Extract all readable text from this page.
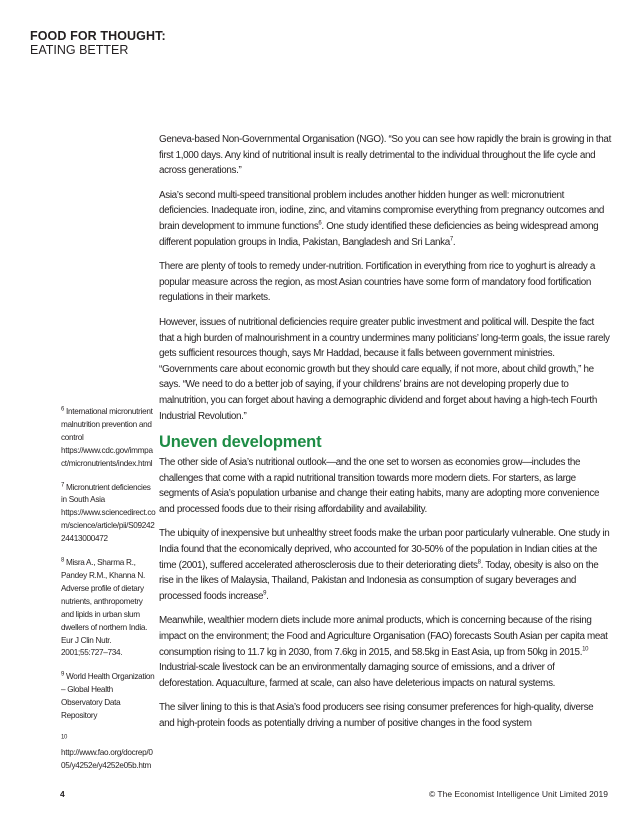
FOOD FOR THOUGHT:
EATING BETTER

Geneva-based Non-Governmental Organisation (NGO). “So you can see how rapidly the brain is growing in that first 1,000 days. Any kind of nutritional insult is really detrimental to the individual throughout the life cycle and across generations.”

Asia’s second multi-speed transitional problem includes another hidden hunger as well: micronutrient deficiencies. Inadequate iron, iodine, zinc, and vitamins compromise everything from pregnancy outcomes and brain development to immune functions$^6$. One study identified these deficiencies as being widespread among different population groups in India, Pakistan, Bangladesh and Sri Lanka$^7$.

There are plenty of tools to remedy under-nutrition. Fortification in everything from rice to yoghurt is already a popular measure across the region, as most Asian countries have some form of mandatory food fortification regulations in their markets.

However, issues of nutritional deficiencies require greater public investment and political will. Despite the fact that a high burden of malnourishment in a country undermines many politicians’ long-term goals, the issue rarely gets sufficient resources though, says Mr Haddad, because it falls between government ministries. “Governments care about economic growth but they should care equally, if not more, about child growth,” he says. “We need to do a better job of saying, if your childrens’ brains are not developing properly due to malnutrition, you can forget about having a demographic dividend and forget about having a high-tech Fourth Industrial Revolution.”

Uneven development

The other side of Asia’s nutritional outlook—and the one set to worsen as economies grow—includes the challenges that come with a rapid nutritional transition towards more modern diets. For starters, as large segments of Asia’s population urbanise and change their eating habits, many are adopting more convenience and processed foods due to their rising affordability and availability.

The ubiquity of inexpensive but unhealthy street foods make the urban poor particularly vulnerable. One study in India found that the economically deprived, who accounted for 30-50% of the population in Indian cities at the time (2001), suffered accelerated atherosclerosis due to their deteriorating diets$^8$. Today, obesity is also on the rise in the likes of Malaysia, Thailand, Pakistan and Indonesia as consumption of sugary beverages and processed foods increase$^9$.

Meanwhile, wealthier modern diets include more animal products, which is concerning because of the rising impact on the environment; the Food and Agriculture Organisation (FAO) forecasts South Asian per capita meat consumption rising to 11.7 kg in 2030, from 7.6kg in 2015, and 58.5kg in East Asia, up from 50kg in 2015.10 Industrial-scale livestock can be an environmentally damaging source of emissions, and a driver of deforestation. Aquaculture, farmed at scale, can also have deleterious impacts on natural systems.

The silver lining to this is that Asia’s food producers see rising consumer preferences for high-quality, diverse and high-protein foods as potentially driving a number of positive changes in the food system

$^6$ International micronutrient malnutrition prevention and control https://www.cdc.gov/immpact/micronutrients/index.html
$^7$ Micronutrient deficiencies in South Asia https://www.sciencedirect.com/science/article/pii/S0924224413000472
$^8$ Misra A., Sharma R., Pandey R.M., Khanna N. Adverse profile of dietary nutrients, anthropometry and lipids in urban slum dwellers of northern India. Eur J Clin Nutr. 2001;55:727–734.
$^9$ World Health Organization – Global Health Observatory Data Repository
$^{10}$ http://www.fao.org/docrep/005/y4252e/y4252e05b.htm
4	© The Economist Intelligence Unit Limited 2019
